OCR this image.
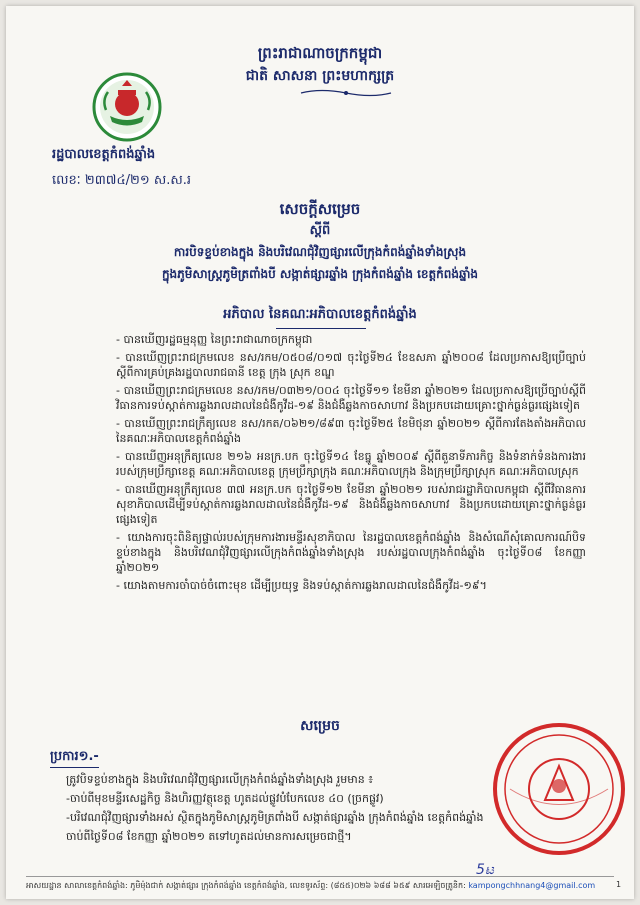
ព្រះរាជាណាចក្រកម្ពុជា
ជាតិ សាសនា ព្រះមហាក្សត្រ
រដ្ឋបាលខេត្តកំពង់ឆ្នាំង
លេខៈ ២៣៧៤/២១ ស.ស.រ
សេចក្ដីសម្រេច
ស្ដីពី
ការបិទខ្ទប់ខាងក្នុង និងបរិវេណជុំវិញផ្សារលើក្រុងកំពង់ឆ្នាំងទាំងស្រុង
ក្នុងភូមិសាស្ត្រភូមិត្រពាំងបី សង្កាត់ផ្សារឆ្នាំង ក្រុងកំពង់ឆ្នាំង ខេត្តកំពង់ឆ្នាំង
អភិបាល នៃគណៈអភិបាលខេត្តកំពង់ឆ្នាំង
- បានឃើញរដ្ឋធម្មនុញ្ញ នៃព្រះរាជាណាចក្រកម្ពុជា
- បានឃើញព្រះរាជក្រមលេខ នស/រកម/០៥០៨/០១៧ ចុះថ្ងៃទី២៤ ខែឧសភា ឆ្នាំ២០០៨ ដែលប្រកាសឱ្យប្រើច្បាប់ស្តីពីការគ្រប់គ្រងរដ្ឋបាលរាជធានី ខេត្ត ក្រុង ស្រុក ខណ្ឌ
- បានឃើញព្រះរាជក្រមលេខ នស/រកម/០៣២១/០០៤ ចុះថ្ងៃទី១១ ខែមីនា ឆ្នាំ២០២១ ដែលប្រកាសឱ្យប្រើច្បាប់ស្តីពីវិធានការទប់ស្កាត់ការឆ្លងរាលដាលនៃជំងឺកូវីដ-១៩ និងជំងឺឆ្លងកាចសាហាវ និងប្រកបដោយគ្រោះថ្នាក់ធ្ងន់ធ្ងរផ្សេងទៀត
- បានឃើញព្រះរាជក្រឹត្យលេខ នស/រកត/០៦២១/៨៩៣ ចុះថ្ងៃទី២៥ ខែមិថុនា ឆ្នាំ២០២១ ស្តីពីការតែងតាំងអភិបាល នៃគណៈអភិបាលខេត្តកំពង់ឆ្នាំង
- បានឃើញអនុក្រឹត្យលេខ ២១៦ អនក្រ.បក ចុះថ្ងៃទី១៤ ខែធ្នូ ឆ្នាំ២០០៩ ស្តីពីតួនាទីភារកិច្ច និងទំនាក់ទំនងការងាររបស់ក្រុមប្រឹក្សាខេត្ត គណៈអភិបាលខេត្ត ក្រុមប្រឹក្សាក្រុង គណៈអភិបាលក្រុង និងក្រុមប្រឹក្សាស្រុក គណៈអភិបាលស្រុក
- បានឃើញអនុក្រឹត្យលេខ ៣៧ អនក្រ.បក ចុះថ្ងៃទី១២ ខែមីនា ឆ្នាំ២០២១ របស់រាជរដ្ឋាភិបាលកម្ពុជា ស្តីពីវិធានការសុខាភិបាលដើម្បីទប់ស្កាត់ការឆ្លងរាលដាលនៃជំងឺកូវីដ-១៩ និងជំងឺឆ្លងកាចសាហាវ និងប្រកបដោយគ្រោះថ្នាក់ធ្ងន់ធ្ងរផ្សេងទៀត
- យោងការចុះពិនិត្យផ្ទាល់របស់ក្រុមការងារមន្ទីរសុខាភិបាល នៃរដ្ឋបាលខេត្តកំពង់ឆ្នាំង និងសំណើសុំគោលការណ៍បិទខ្ទប់ខាងក្នុង និងបរិវេណជុំវិញផ្សារលើក្រុងកំពង់ឆ្នាំងទាំងស្រុង របស់រដ្ឋបាលក្រុងកំពង់ឆ្នាំង ចុះថ្ងៃទី០៨ ខែកញ្ញា ឆ្នាំ២០២១
- យោងតាមការចាំបាច់ចំពោះមុខ ដើម្បីប្រយុទ្ធ និងទប់ស្កាត់ការឆ្លងរាលដាលនៃជំងឺកូវីដ-១៩។
សម្រេច
ប្រការ១.-
ត្រូវបិទខ្ទប់ខាងក្នុង និងបរិវេណជុំវិញផ្សារលើក្រុងកំពង់ឆ្នាំងទាំងស្រុង រួមមាន ៖
-ចាប់ពីមុខមន្ទីរសេដ្ឋកិច្ច និងហិរញ្ញវត្ថុខេត្ត ហូតដល់ផ្លូវបំបែកលេខ ៤០ (ច្រកផ្លូវ)
-បរិវេណជុំវិញផ្សារទាំងអស់ ស្ថិតក្នុងភូមិសាស្ត្រភូមិត្រពាំងបី សង្កាត់ផ្សារឆ្នាំង ក្រុងកំពង់ឆ្នាំង ខេត្តកំពង់ឆ្នាំង
ចាប់ពីថ្ងៃទី០៨ ខែកញ្ញា ឆ្នាំ២០២១ តទៅហូតដល់មានការសម្រេចជាថ្មី។
5ಟ
អាសយដ្ឋាន សាលាខេត្តកំពង់ឆ្នាំង: ភូមិម៉ុងជាក់ សង្កាត់ផ្សារ ក្រុងកំពង់ឆ្នាំង ខេត្តកំពង់ឆ្នាំង, លេខទូរស័ព្ទ: (៨៥៥)០២៦ ៦៨៨ ៦៥៩ សារអេឡិចត្រូនិក: kampongchhnang4@gmail.com	1
